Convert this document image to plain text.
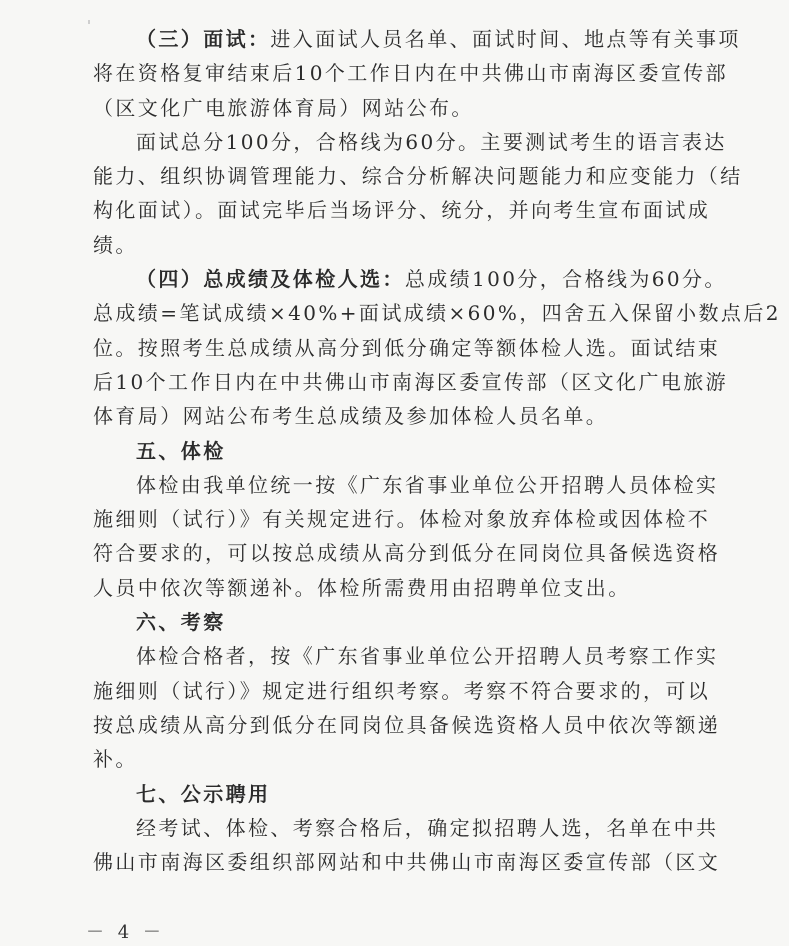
（三）面试：进入面试人员名单、面试时间、地点等有关事项
将在资格复审结束后10个工作日内在中共佛山市南海区委宣传部
（区文化广电旅游体育局）网站公布。
面试总分100分，合格线为60分。主要测试考生的语言表达
能力、组织协调管理能力、综合分析解决问题能力和应变能力（结
构化面试）。面试完毕后当场评分、统分，并向考生宣布面试成
绩。
（四）总成绩及体检人选：总成绩100分，合格线为60分。
总成绩=笔试成绩×40%+面试成绩×60%，四舍五入保留小数点后2
位。按照考生总成绩从高分到低分确定等额体检人选。面试结束
后10个工作日内在中共佛山市南海区委宣传部（区文化广电旅游
体育局）网站公布考生总成绩及参加体检人员名单。
五、体检
体检由我单位统一按《广东省事业单位公开招聘人员体检实
施细则（试行）》有关规定进行。体检对象放弃体检或因体检不
符合要求的，可以按总成绩从高分到低分在同岗位具备候选资格
人员中依次等额递补。体检所需费用由招聘单位支出。
六、考察
体检合格者，按《广东省事业单位公开招聘人员考察工作实
施细则（试行）》规定进行组织考察。考察不符合要求的，可以
按总成绩从高分到低分在同岗位具备候选资格人员中依次等额递
补。
七、公示聘用
经考试、体检、考察合格后，确定拟招聘人选，名单在中共
佛山市南海区委组织部网站和中共佛山市南海区委宣传部（区文
－ 4 －
